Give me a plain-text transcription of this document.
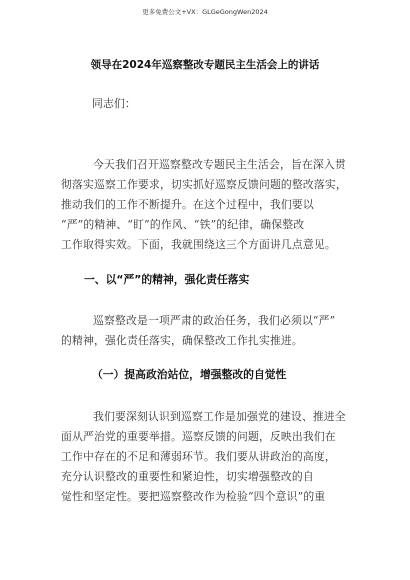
更多免费公文+VX：GLGeGongWen2024
领导在2024年巡察整改专题民主生活会上的讲话
同志们：
今天我们召开巡察整改专题民主生活会，旨在深入贯
彻落实巡察工作要求，切实抓好巡察反馈问题的整改落实，
推动我们的工作不断提升。在这个过程中，我们要以
“严”的精神、“盯”的作风、“铁”的纪律，确保整改
工作取得实效。下面，我就围绕这三个方面讲几点意见。
一、以“严”的精神，强化责任落实
巡察整改是一项严肃的政治任务，我们必须以“严”
的精神，强化责任落实，确保整改工作扎实推进。
（一）提高政治站位，增强整改的自觉性
我们要深刻认识到巡察工作是加强党的建设、推进全
面从严治党的重要举措。巡察反馈的问题，反映出我们在
工作中存在的不足和薄弱环节。我们要从讲政治的高度，
充分认识整改的重要性和紧迫性，切实增强整改的自
觉性和坚定性。要把巡察整改作为检验“四个意识”的重
